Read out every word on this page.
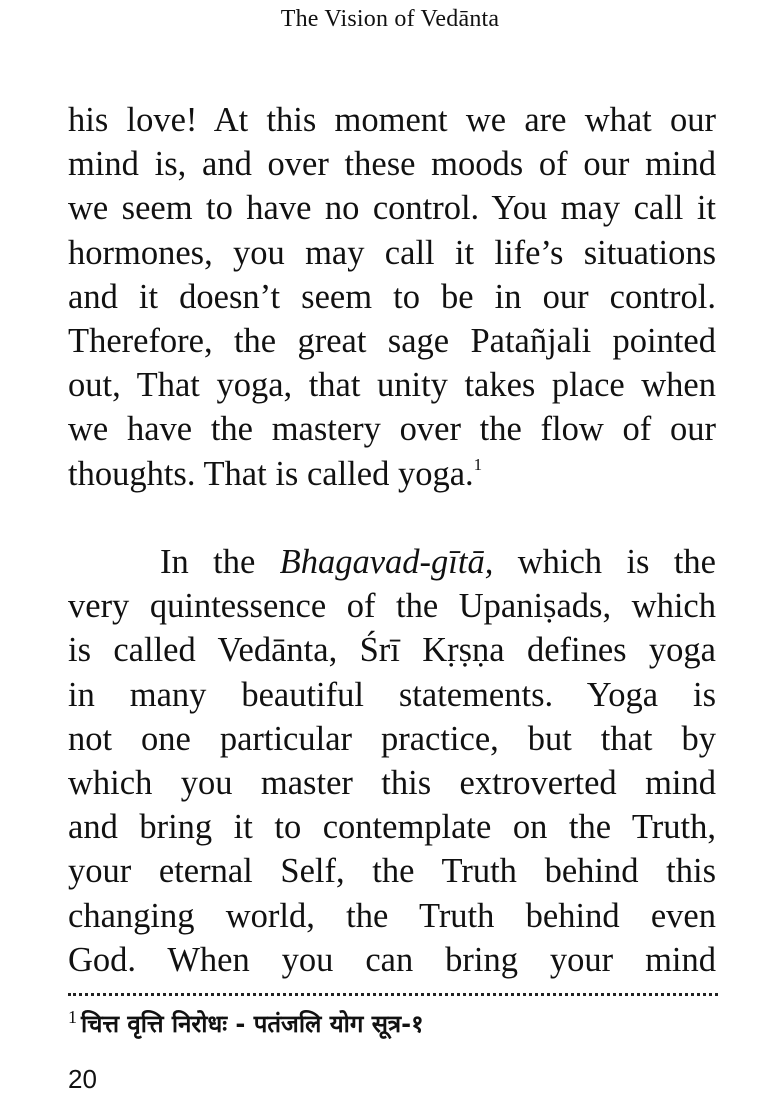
The Vision of Vedānta
his love! At this moment we are what our
mind is, and over these moods of our mind
we seem to have no control. You may call it
hormones, you may call it life’s situations
and it doesn’t seem to be in our control.
Therefore, the great sage Patañjali pointed
out, That yoga, that unity takes place when
we have the mastery over the flow of our
thoughts. That is called yoga.$^1$
In the Bhagavad-gītā, which is the
very quintessence of the Upaniṣads, which
is called Vedānta, Śrī Kṛṣṇa defines yoga
in many beautiful statements. Yoga is
not one particular practice, but that by
which you master this extroverted mind
and bring it to contemplate on the Truth,
your eternal Self, the Truth behind this
changing world, the Truth behind even
God. When you can bring your mind
$^1$ चित्त वृत्ति निरोधः - पतंजलि योग सूत्र-१
20
